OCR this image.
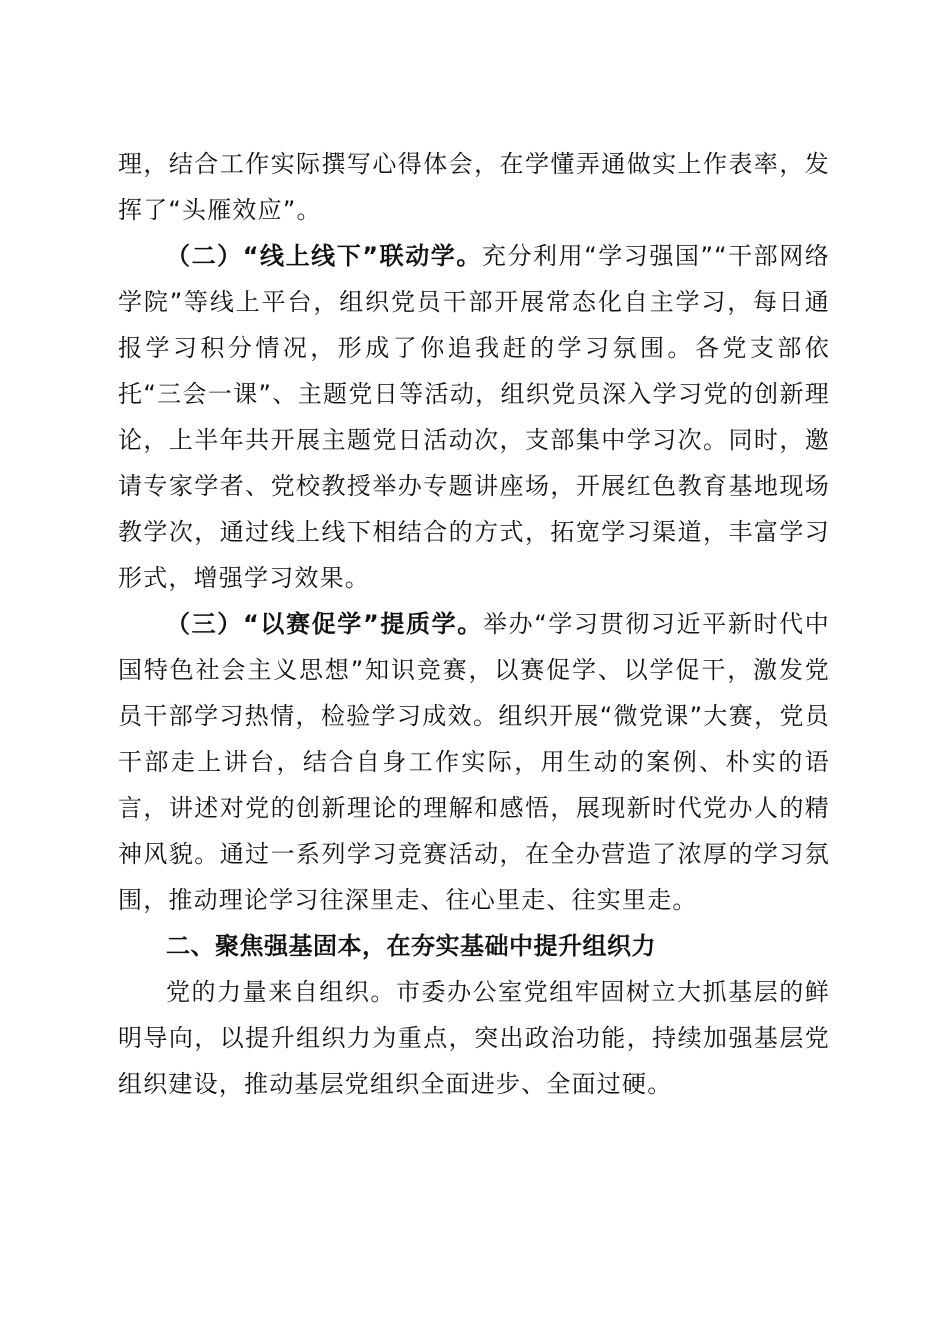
理，结合工作实际撰写心得体会，在学懂弄通做实上作表率，发挥了“头雁效应”。

（二）“线上线下”联动学。充分利用“学习强国”“干部网络学院”等线上平台，组织党员干部开展常态化自主学习，每日通报学习积分情况，形成了你追我赶的学习氛围。各党支部依托“三会一课”、主题党日等活动，组织党员深入学习党的创新理论，上半年共开展主题党日活动次，支部集中学习次。同时，邀请专家学者、党校教授举办专题讲座场，开展红色教育基地现场教学次，通过线上线下相结合的方式，拓宽学习渠道，丰富学习形式，增强学习效果。

（三）“以赛促学”提质学。举办“学习贯彻习近平新时代中国特色社会主义思想”知识竞赛，以赛促学、以学促干，激发党员干部学习热情，检验学习成效。组织开展“微党课”大赛，党员干部走上讲台，结合自身工作实际，用生动的案例、朴实的语言，讲述对党的创新理论的理解和感悟，展现新时代党办人的精神风貌。通过一系列学习竞赛活动，在全办营造了浓厚的学习氛围，推动理论学习往深里走、往心里走、往实里走。

二、聚焦强基固本，在夯实基础中提升组织力

党的力量来自组织。市委办公室党组牢固树立大抓基层的鲜明导向，以提升组织力为重点，突出政治功能，持续加强基层党组织建设，推动基层党组织全面进步、全面过硬。
